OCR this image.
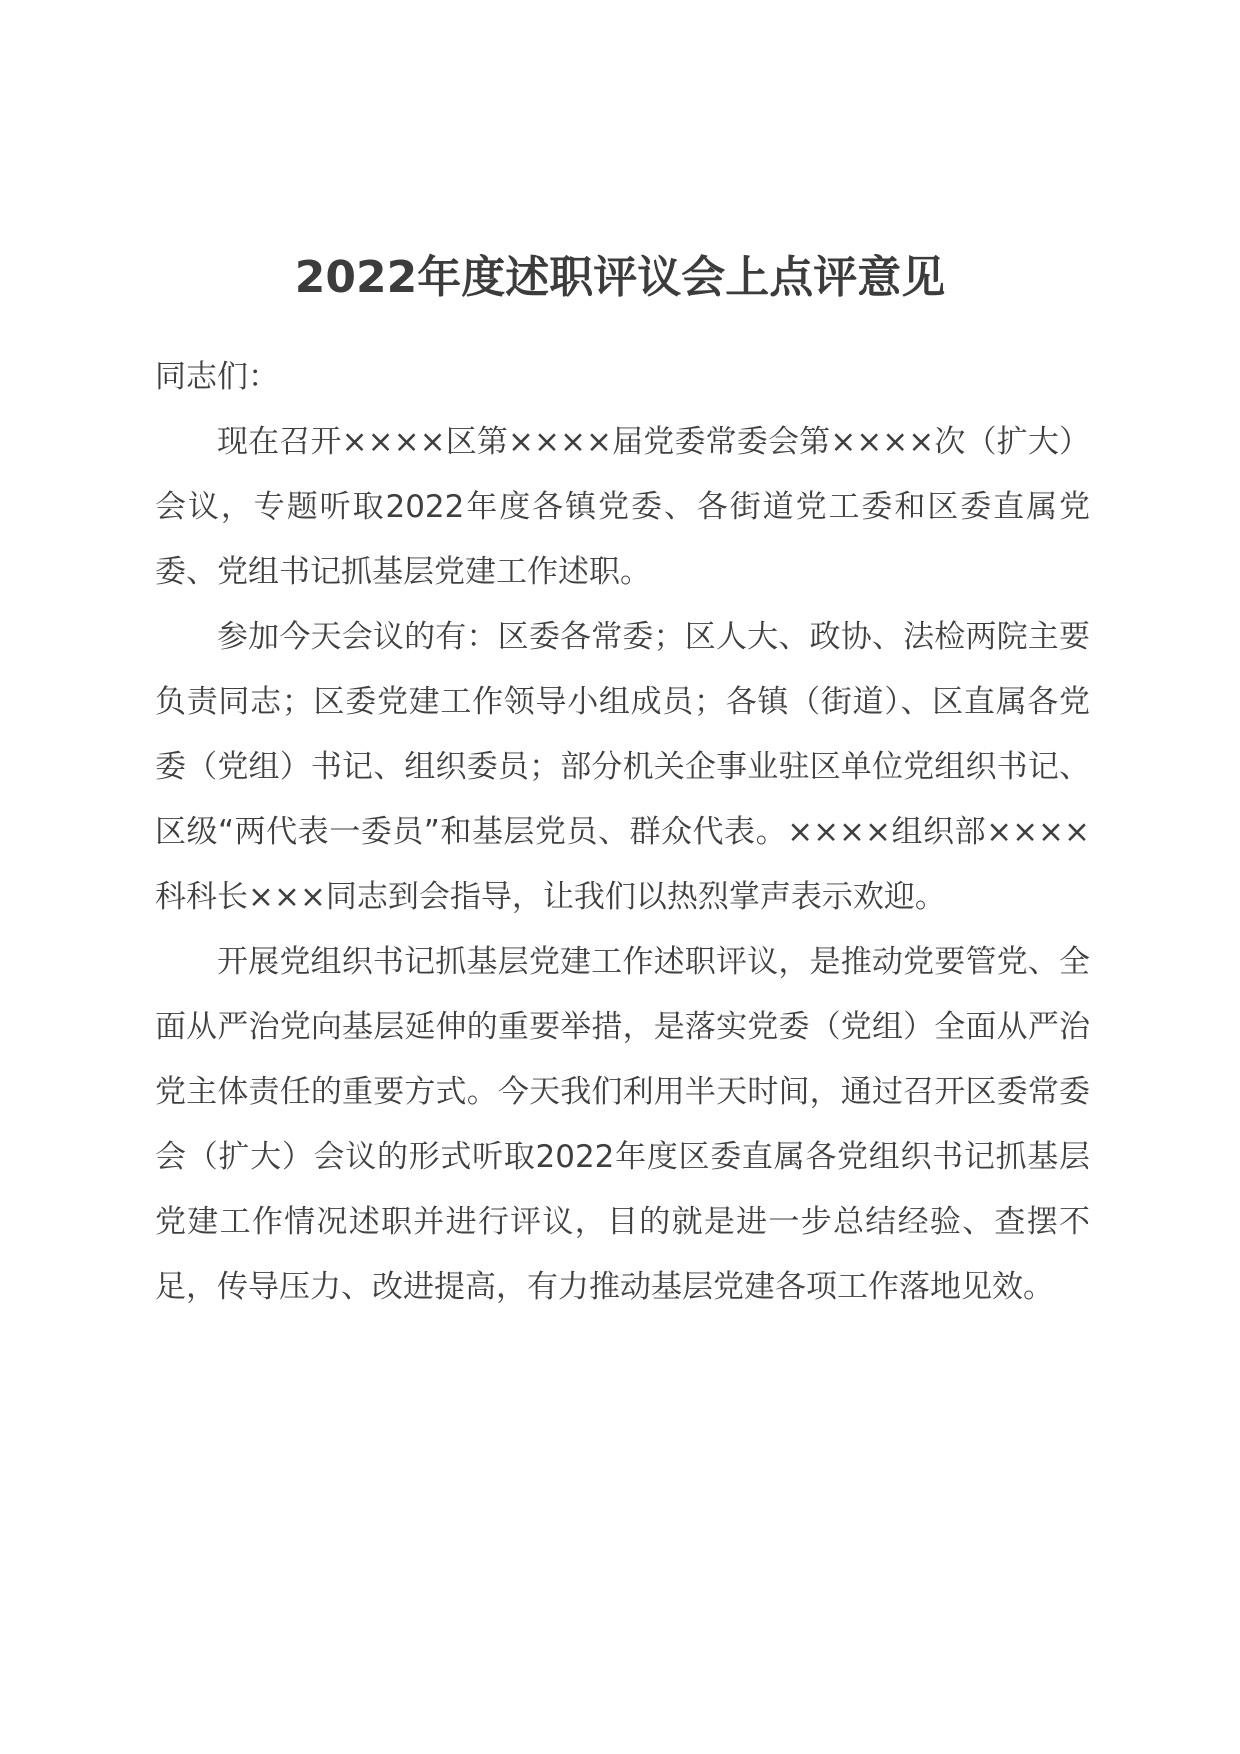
2022年度述职评议会上点评意见

同志们：

现在召开××××区第××××届党委常委会第××××次（扩大）会议，专题听取2022年度各镇党委、各街道党工委和区委直属党委、党组书记抓基层党建工作述职。

参加今天会议的有：区委各常委；区人大、政协、法检两院主要负责同志；区委党建工作领导小组成员；各镇（街道）、区直属各党委（党组）书记、组织委员；部分机关企事业驻区单位党组织书记、区级“两代表一委员”和基层党员、群众代表。××××组织部××××科科长×××同志到会指导，让我们以热烈掌声表示欢迎。

开展党组织书记抓基层党建工作述职评议，是推动党要管党、全面从严治党向基层延伸的重要举措，是落实党委（党组）全面从严治党主体责任的重要方式。今天我们利用半天时间，通过召开区委常委会（扩大）会议的形式听取2022年度区委直属各党组织书记抓基层党建工作情况述职并进行评议，目的就是进一步总结经验、查摆不足，传导压力、改进提高，有力推动基层党建各项工作落地见效。
